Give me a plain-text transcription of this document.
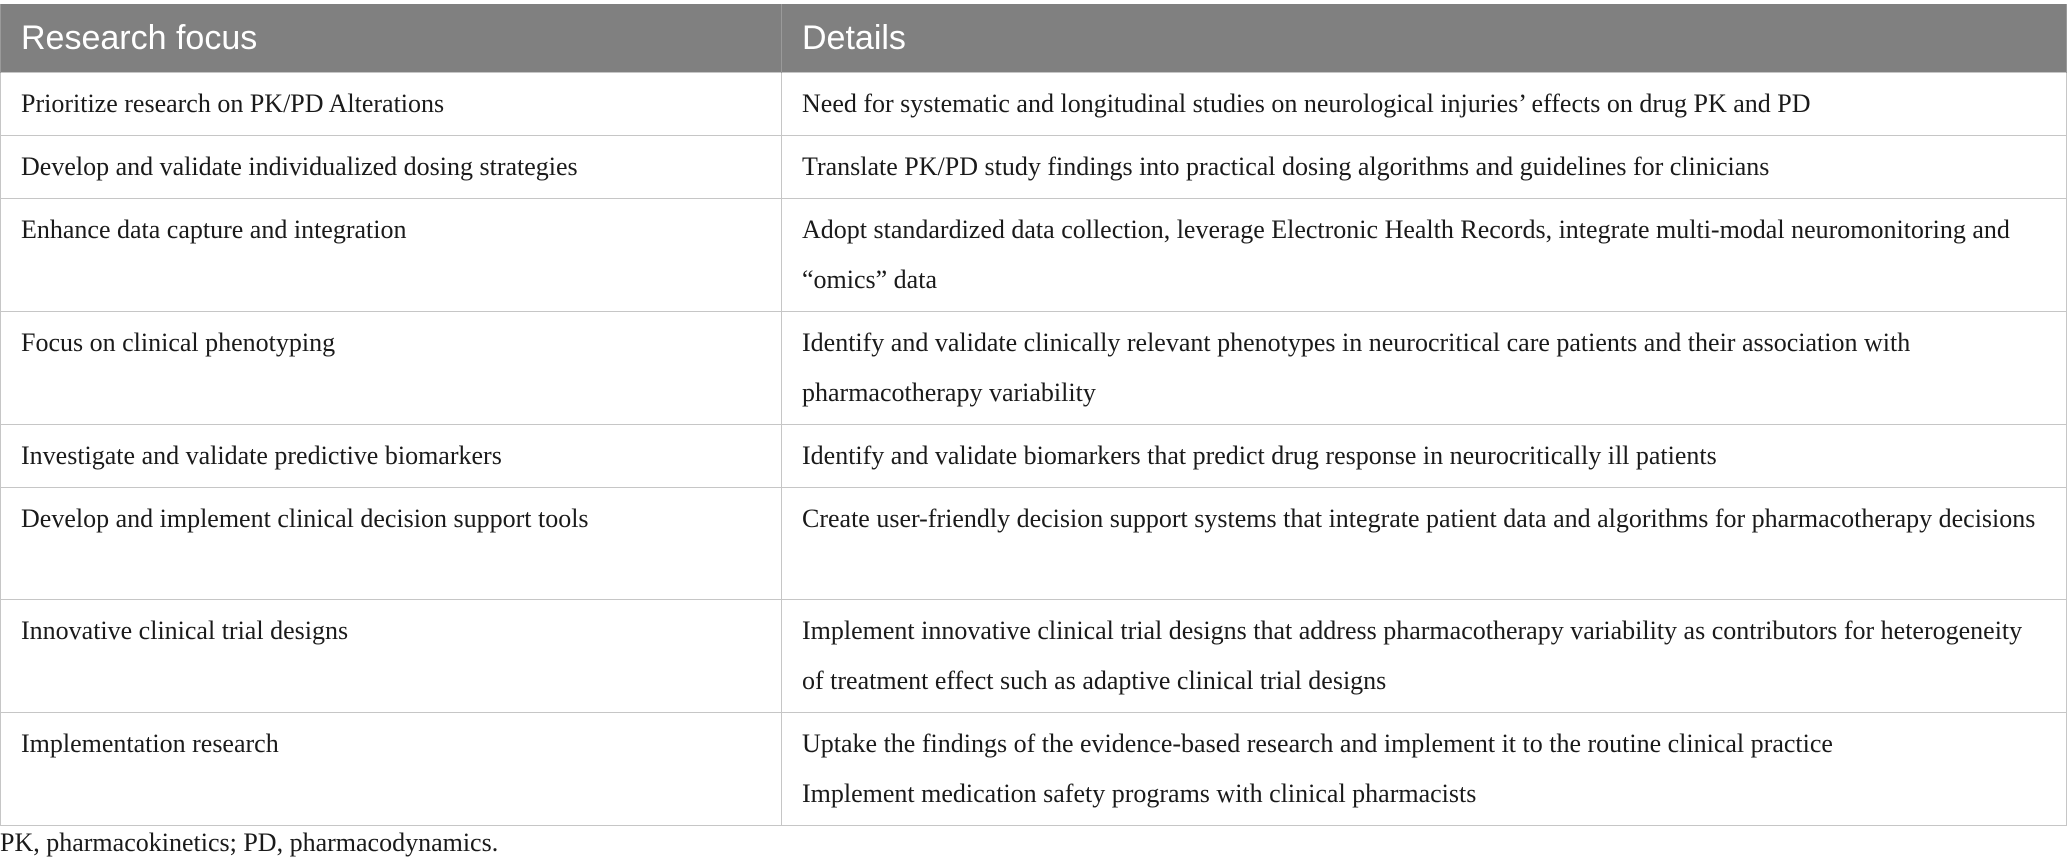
Research focus	Details
Prioritize research on PK/PD Alterations	Need for systematic and longitudinal studies on neurological injuries’ effects on drug PK and PD

Develop and validate individualized dosing strategies	Translate PK/PD study findings into practical dosing algorithms and guidelines for clinicians

Enhance data capture and integration	Adopt standardized data collection, leverage Electronic Health Records, integrate multi-modal neuromonitoring and “omics” data

Focus on clinical phenotyping	Identify and validate clinically relevant phenotypes in neurocritical care patients and their association with pharmacotherapy variability

Investigate and validate predictive biomarkers	Identify and validate biomarkers that predict drug response in neurocritically ill patients

Develop and implement clinical decision support tools	Create user-friendly decision support systems that integrate patient data and algorithms for pharmacotherapy decisions

Innovative clinical trial designs	Implement innovative clinical trial designs that address pharmacotherapy variability as contributors for heterogeneity of treatment effect such as adaptive clinical trial designs

Implementation research	Uptake the findings of the evidence-based research and implement it to the routine clinical practice
Implement medication safety programs with clinical pharmacists
PK, pharmacokinetics; PD, pharmacodynamics.
